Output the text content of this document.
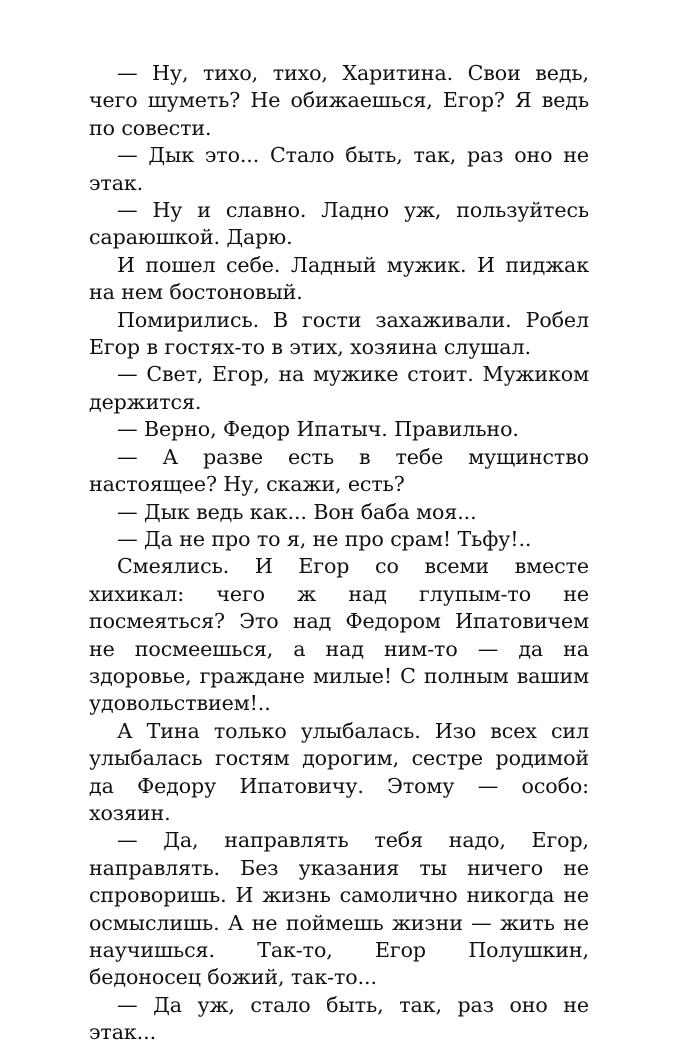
— Ну, тихо, тихо, Харитина. Свои ведь, чего шуметь? Не обижаешься, Егор? Я ведь по совести.

— Дык это... Стало быть, так, раз оно не этак.

— Ну и славно. Ладно уж, пользуйтесь сараюшкой. Дарю.

И пошел себе. Ладный мужик. И пиджак на нем бостоновый.

Помирились. В гости захаживали. Робел Егор в гостях-то в этих, хозяина слушал.

— Свет, Егор, на мужике стоит. Мужиком держится.

— Верно, Федор Ипатыч. Правильно.

— А разве есть в тебе мущинство настоящее? Ну, скажи, есть?

— Дык ведь как... Вон баба моя...

— Да не про то я, не про срам! Тьфу!..

Смеялись. И Егор со всеми вместе хихикал: чего ж над глупым-то не посмеяться? Это над Федором Ипатовичем не посмеешься, а над ним-то — да на здоровье, граждане милые! С полным вашим удовольствием!..

А Тина только улыбалась. Изо всех сил улыбалась гостям дорогим, сестре родимой да Федору Ипатовичу. Этому — особо: хозяин.

— Да, направлять тебя надо, Егор, направлять. Без указания ты ничего не спроворишь. И жизнь самолично никогда не осмыслишь. А не поймешь жизни — жить не научишься. Так-то, Егор Полушкин, бедоносец божий, так-то...

— Да уж, стало быть, так, раз оно не этак...
